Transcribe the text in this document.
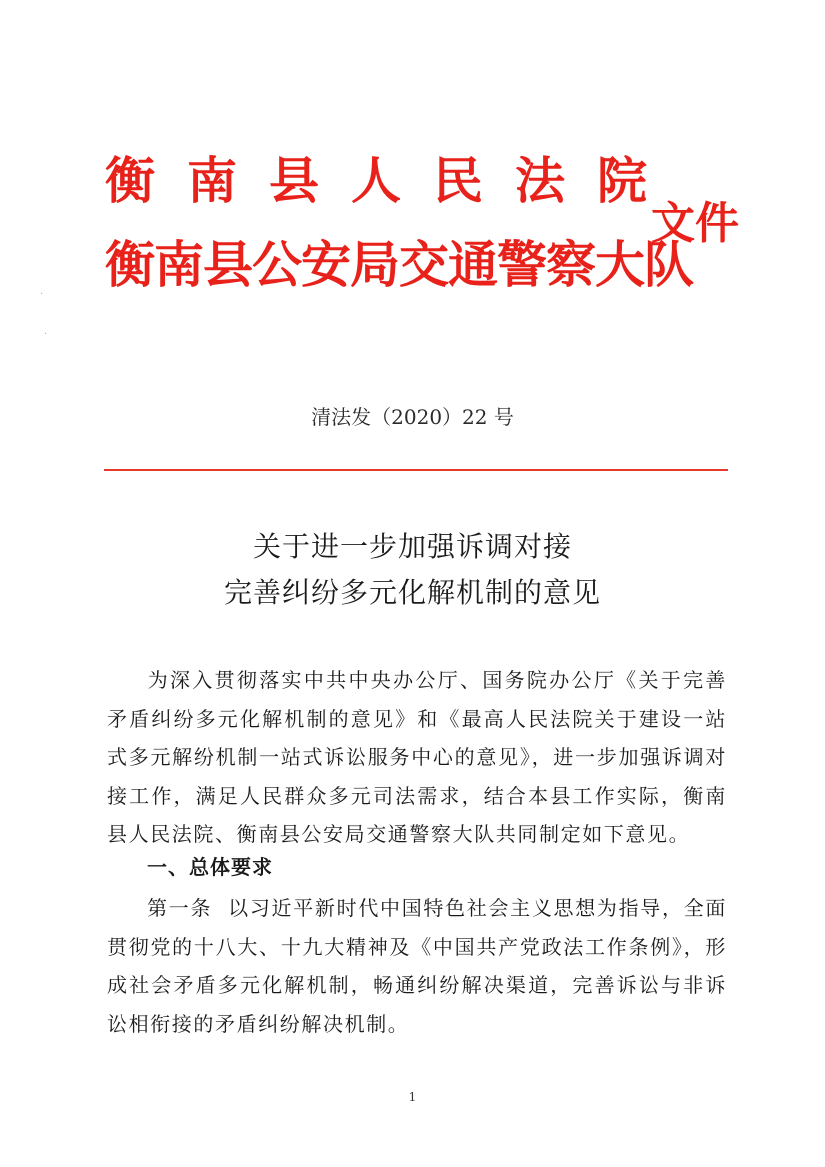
·
·
衡南县人民法院
衡南县公安局交通警察大队
文件
清法发（2020）22 号
关于进一步加强诉调对接
完善纠纷多元化解机制的意见

为深入贯彻落实中共中央办公厅、国务院办公厅《关于完善矛盾纠纷多元化解机制的意见》和《最高人民法院关于建设一站式多元解纷机制一站式诉讼服务中心的意见》，进一步加强诉调对接工作，满足人民群众多元司法需求，结合本县工作实际，衡南县人民法院、衡南县公安局交通警察大队共同制定如下意见。

一、总体要求

第一条 以习近平新时代中国特色社会主义思想为指导，全面贯彻党的十八大、十九大精神及《中国共产党政法工作条例》，形成社会矛盾多元化解机制，畅通纠纷解决渠道，完善诉讼与非诉讼相衔接的矛盾纠纷解决机制。

1
